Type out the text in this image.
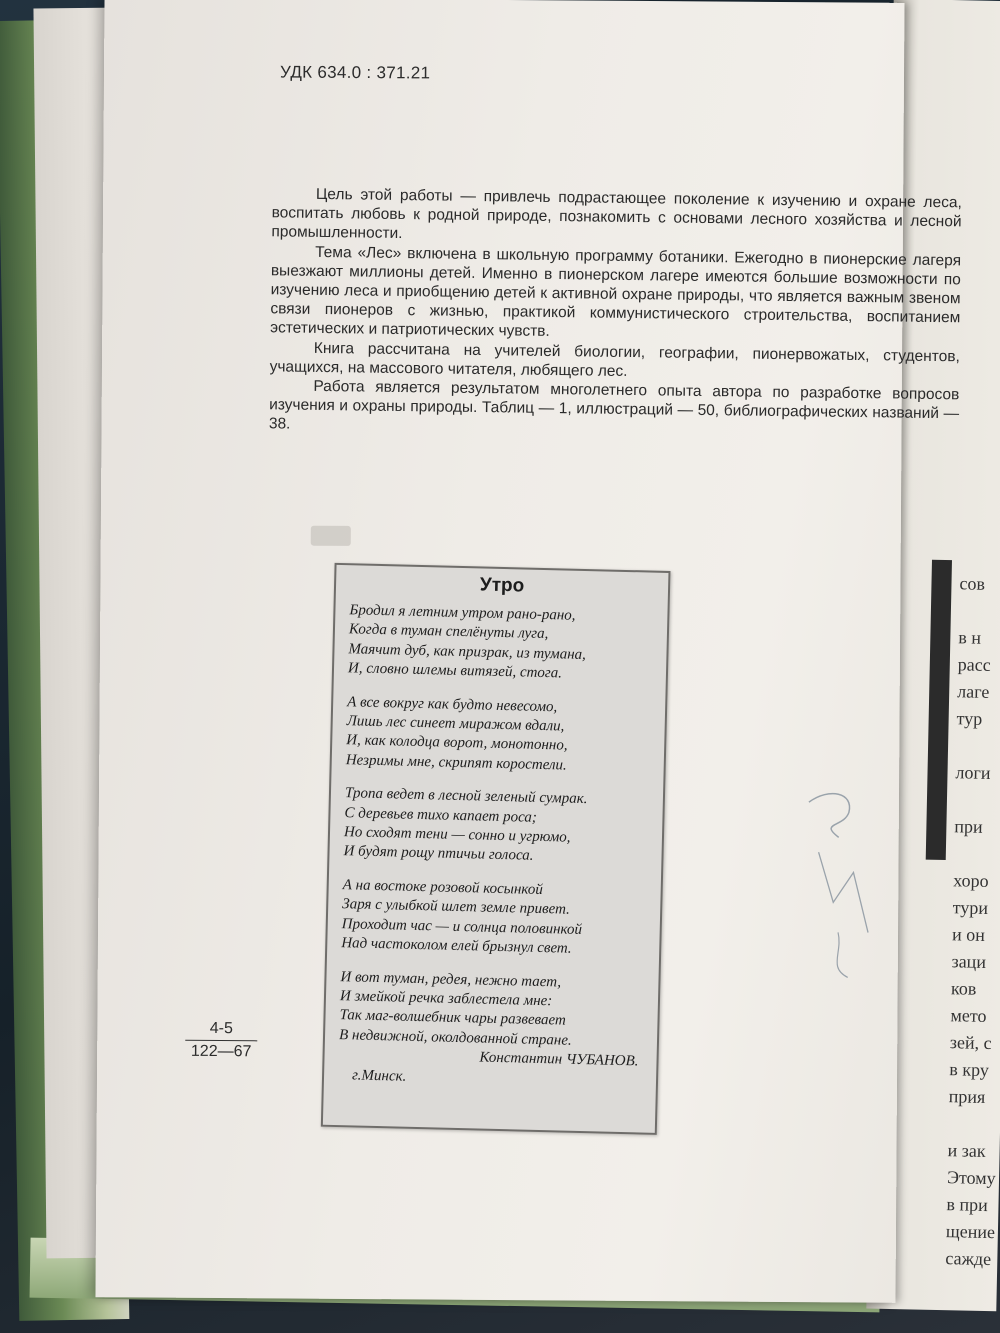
сов

в н
расс
лаге
тур

логи

при

хоро
тури
и он
заци
ков
мето
зей, с
в кру
прия

и зак
Этому
в при
щение
сажде
УДК 634.0 : 371.21

Цель этой работы — привлечь подрастающее поколение к изучению и охране леса, воспитать любовь к родной природе, познакомить с основами лесного хозяйства и лесной промышленности.

Тема «Лес» включена в школьную программу ботаники. Ежегодно в пионерские лагеря выезжают миллионы детей. Именно в пионерском лагере имеются большие возможности по изучению леса и приобщению детей к активной охране природы, что является важным звеном связи пионеров с жизнью, практикой коммунистического строительства, воспитанием эстетических и патриотических чувств.

Книга рассчитана на учителей биологии, географии, пионервожатых, студентов, учащихся, на массового читателя, любящего лес.

Работа является результатом многолетнего опыта автора по разработке вопросов изучения и охраны природы. Таблиц — 1, иллюстраций — 50, библиографических названий — 38.

4-5
122—67
Утро
Бродил я летним утром рано-рано,
Когда в туман спелёнуты луга,
Маячит дуб, как призрак, из тумана,
И, словно шлемы витязей, стога.
А все вокруг как будто невесомо,
Лишь лес синеет миражом вдали,
И, как колодца ворот, монотонно,
Незримы мне, скрипят коростели.
Тропа ведет в лесной зеленый сумрак.
С деревьев тихо капает роса;
Но сходят тени — сонно и угрюмо,
И будят рощу птичьи голоса.
А на востоке розовой косынкой
Заря с улыбкой шлет земле привет.
Проходит час — и солнца половинкой
Над частоколом елей брызнул свет.
И вот туман, редея, нежно тает,
И змейкой речка заблестела мне:
Так маг-волшебник чары развевает
В недвижной, околдованной стране.
Константин ЧУБАНОВ.
г.Минск.
